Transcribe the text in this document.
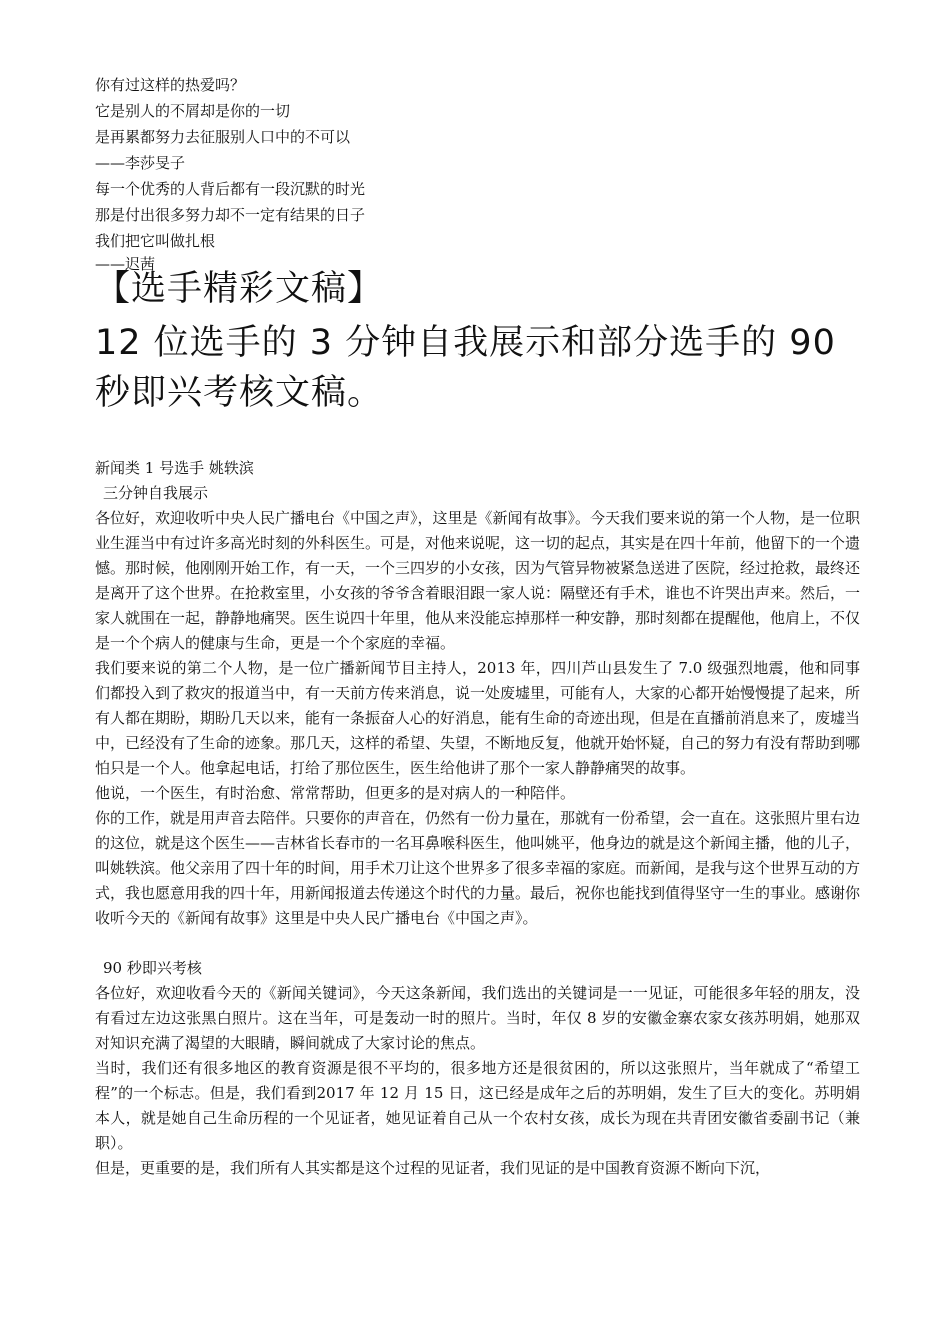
你有过这样的热爱吗？
它是别人的不屑却是你的一切
是再累都努力去征服别人口中的不可以
——李莎旻子
每一个优秀的人背后都有一段沉默的时光
那是付出很多努力却不一定有结果的日子
我们把它叫做扎根
——迟茜
【选手精彩文稿】
12 位选手的 3 分钟自我展示和部分选手的 90 秒即兴考核文稿。

新闻类 1 号选手 姚轶滨

三分钟自我展示

各位好，欢迎收听中央人民广播电台《中国之声》，这里是《新闻有故事》。今天我们要来说的第一个人物，是一位职业生涯当中有过许多高光时刻的外科医生。可是，对他来说呢，这一切的起点，其实是在四十年前，他留下的一个遗憾。那时候，他刚刚开始工作，有一天，一个三四岁的小女孩，因为气管异物被紧急送进了医院，经过抢救，最终还是离开了这个世界。在抢救室里，小女孩的爷爷含着眼泪跟一家人说：隔壁还有手术，谁也不许哭出声来。然后，一家人就围在一起，静静地痛哭。医生说四十年里，他从来没能忘掉那样一种安静，那时刻都在提醒他，他肩上，不仅是一个个病人的健康与生命，更是一个个家庭的幸福。

我们要来说的第二个人物，是一位广播新闻节目主持人，2013 年，四川芦山县发生了 7.0 级强烈地震，他和同事们都投入到了救灾的报道当中，有一天前方传来消息，说一处废墟里，可能有人，大家的心都开始慢慢提了起来，所有人都在期盼，期盼几天以来，能有一条振奋人心的好消息，能有生命的奇迹出现，但是在直播前消息来了，废墟当中，已经没有了生命的迹象。那几天，这样的希望、失望，不断地反复，他就开始怀疑，自己的努力有没有帮助到哪怕只是一个人。他拿起电话，打给了那位医生，医生给他讲了那个一家人静静痛哭的故事。

他说，一个医生，有时治愈、常常帮助，但更多的是对病人的一种陪伴。

你的工作，就是用声音去陪伴。只要你的声音在，仍然有一份力量在，那就有一份希望，会一直在。这张照片里右边的这位，就是这个医生——吉林省长春市的一名耳鼻喉科医生，他叫姚平，他身边的就是这个新闻主播，他的儿子，叫姚轶滨。他父亲用了四十年的时间，用手术刀让这个世界多了很多幸福的家庭。而新闻，是我与这个世界互动的方式，我也愿意用我的四十年，用新闻报道去传递这个时代的力量。最后，祝你也能找到值得坚守一生的事业。感谢你收听今天的《新闻有故事》这里是中央人民广播电台《中国之声》。

90 秒即兴考核

各位好，欢迎收看今天的《新闻关键词》，今天这条新闻，我们选出的关键词是一一见证，可能很多年轻的朋友，没有看过左边这张黑白照片。这在当年，可是轰动一时的照片。当时，年仅 8 岁的安徽金寨农家女孩苏明娟，她那双对知识充满了渴望的大眼睛，瞬间就成了大家讨论的焦点。

当时，我们还有很多地区的教育资源是很不平均的，很多地方还是很贫困的，所以这张照片，当年就成了“希望工程”的一个标志。但是，我们看到2017 年 12 月 15 日，这已经是成年之后的苏明娟，发生了巨大的变化。苏明娟本人，就是她自己生命历程的一个见证者，她见证着自己从一个农村女孩，成长为现在共青团安徽省委副书记（兼职）。

但是，更重要的是，我们所有人其实都是这个过程的见证者，我们见证的是中国教育资源不断向下沉，
